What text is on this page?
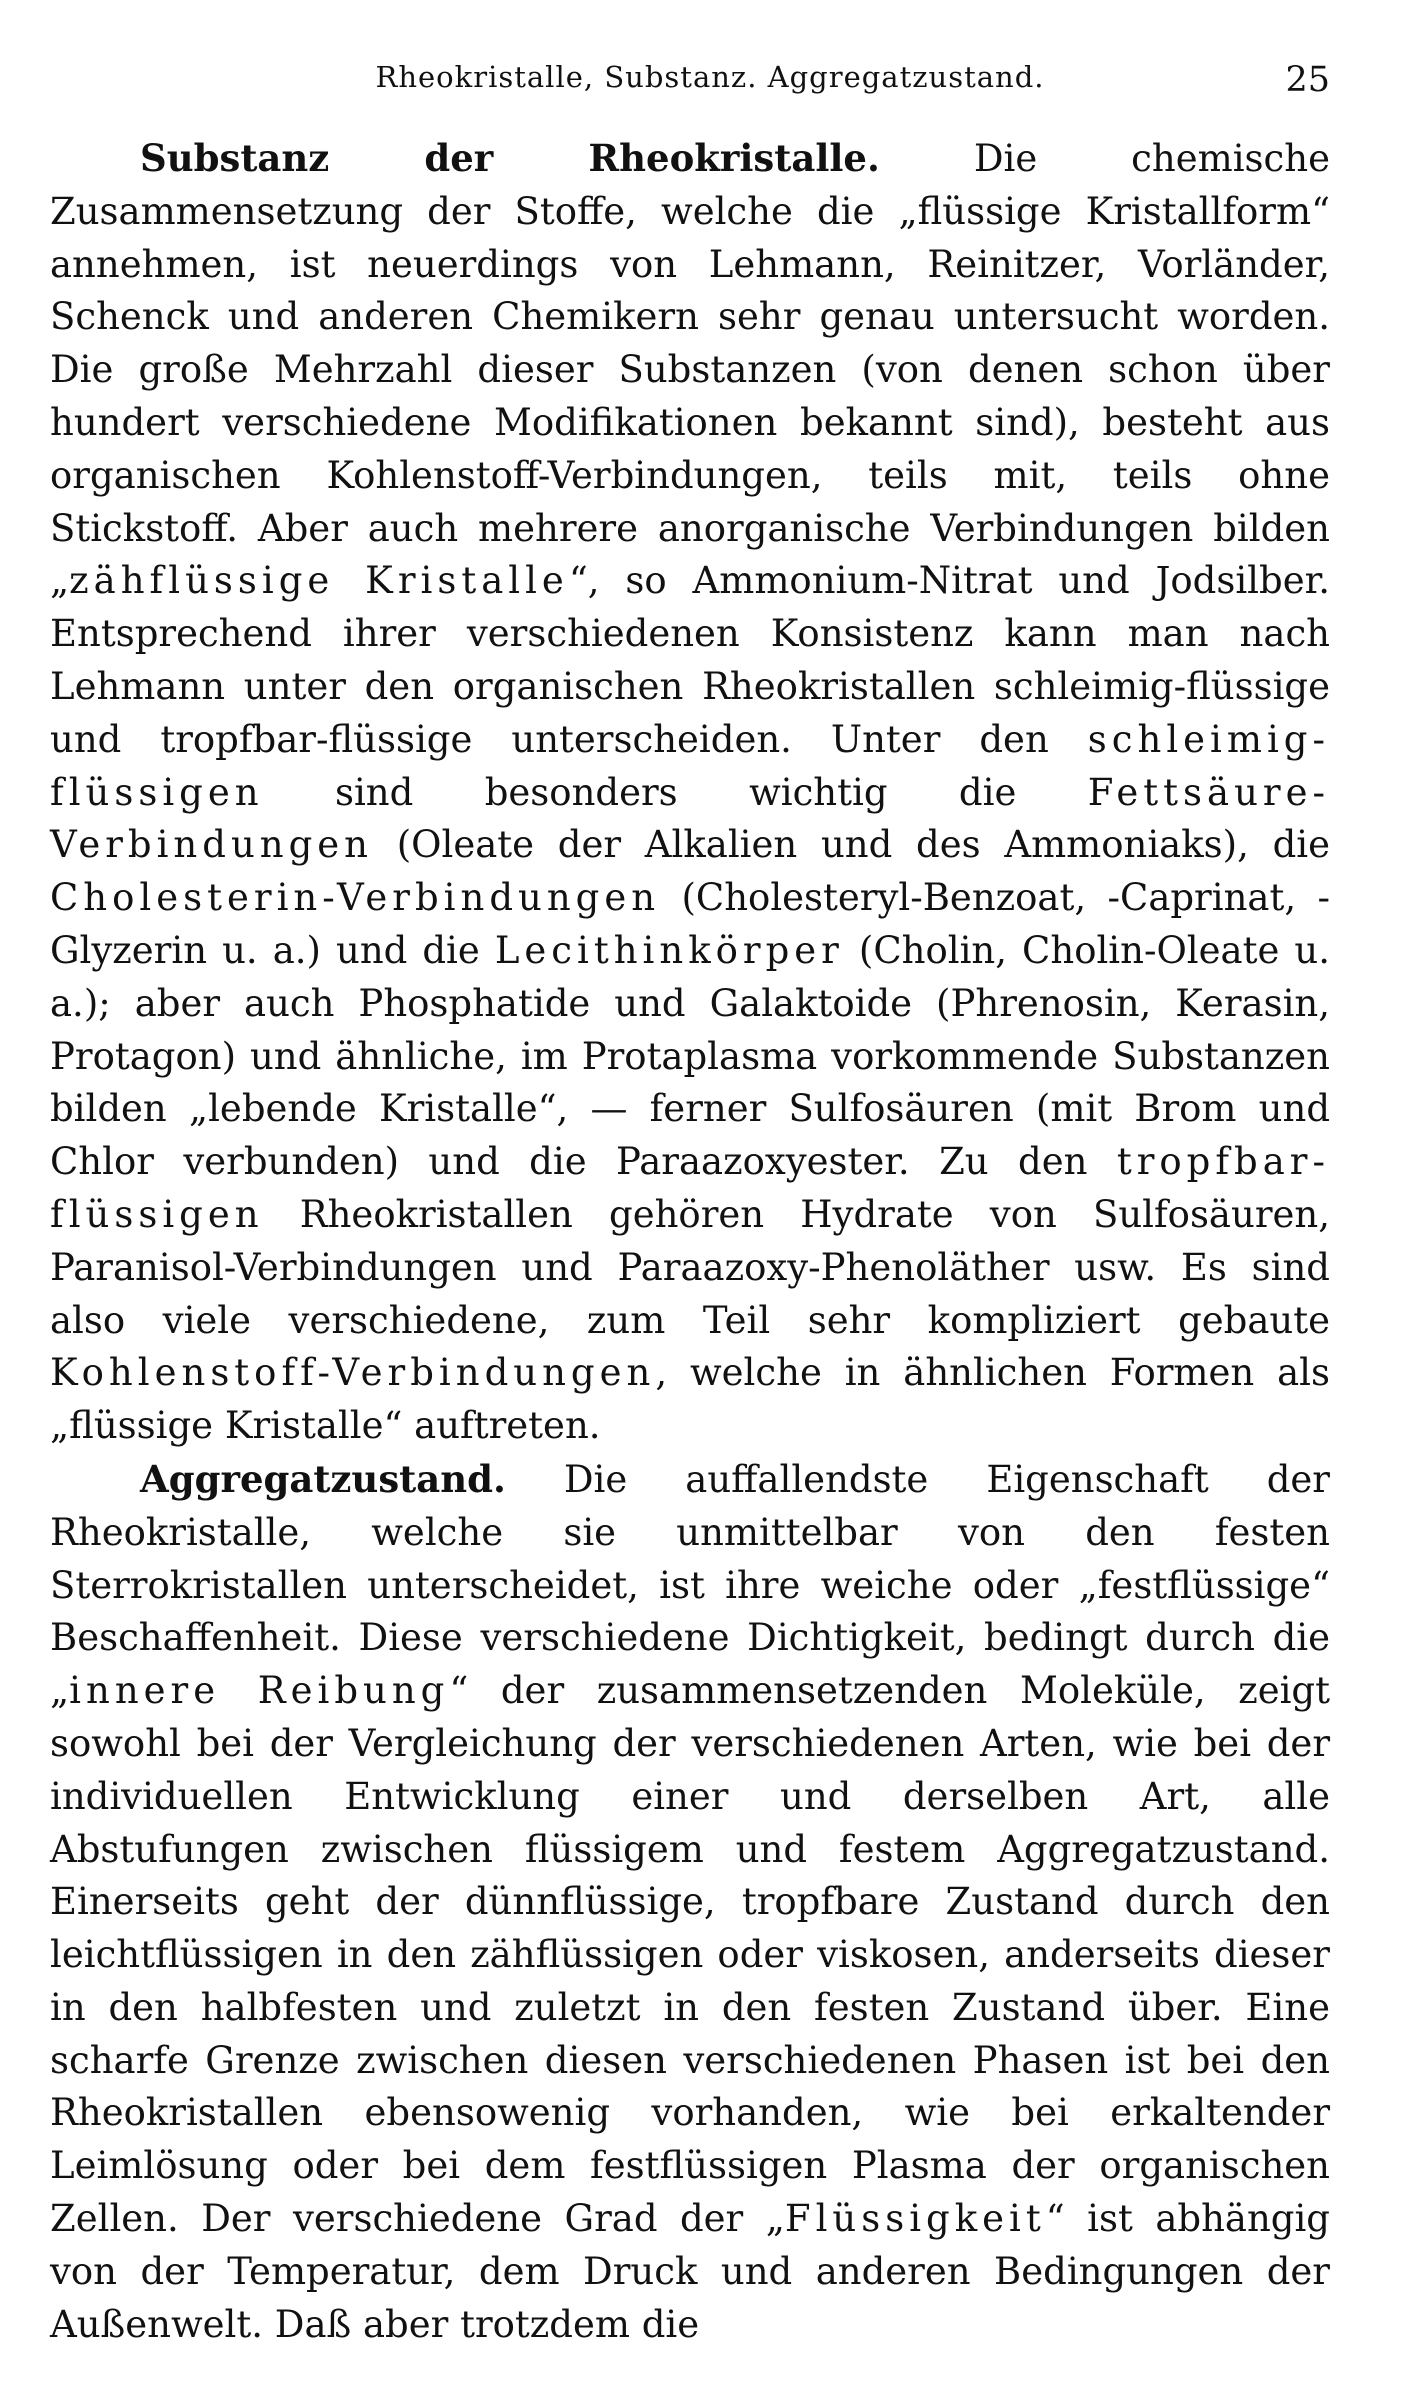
Rheokristalle, Substanz. Aggregatzustand.	25

Substanz der Rheokristalle. Die chemische Zusammensetzung der Stoffe, welche die „flüssige Kristallform“ annehmen, ist neuerdings von Lehmann, Reinitzer, Vorländer, Schenck und anderen Chemikern sehr genau untersucht worden. Die große Mehrzahl dieser Substanzen (von denen schon über hundert verschiedene Modifikationen bekannt sind), besteht aus organischen Kohlenstoff-Verbindungen, teils mit, teils ohne Stickstoff. Aber auch mehrere anorganische Verbindungen bilden „zähflüssige Kristalle“, so Ammonium-Nitrat und Jodsilber. Entsprechend ihrer verschiedenen Konsistenz kann man nach Lehmann unter den organischen Rheokristallen schleimig-flüssige und tropfbar-flüssige unterscheiden. Unter den schleimig-flüssigen sind besonders wichtig die Fettsäure-Verbindungen (Oleate der Alkalien und des Ammoniaks), die Cholesterin-Verbindungen (Cholesteryl-Benzoat, -Caprinat, -Glyzerin u. a.) und die Lecithinkörper (Cholin, Cholin-Oleate u. a.); aber auch Phosphatide und Galaktoide (Phrenosin, Kerasin, Protagon) und ähnliche, im Protaplasma vorkommende Substanzen bilden „lebende Kristalle“, — ferner Sulfosäuren (mit Brom und Chlor verbunden) und die Paraazoxyester. Zu den tropfbar-flüssigen Rheokristallen gehören Hydrate von Sulfosäuren, Paranisol-Verbindungen und Paraazoxy-Phenoläther usw. Es sind also viele verschiedene, zum Teil sehr kompliziert gebaute Kohlenstoff-Verbindungen, welche in ähnlichen Formen als „flüssige Kristalle“ auftreten.

Aggregatzustand. Die auffallendste Eigenschaft der Rheokristalle, welche sie unmittelbar von den festen Sterrokristallen unterscheidet, ist ihre weiche oder „festflüssige“ Beschaffenheit. Diese verschiedene Dichtigkeit, bedingt durch die „innere Reibung“ der zusammensetzenden Moleküle, zeigt sowohl bei der Vergleichung der verschiedenen Arten, wie bei der individuellen Entwicklung einer und derselben Art, alle Abstufungen zwischen flüssigem und festem Aggregatzustand. Einerseits geht der dünnflüssige, tropfbare Zustand durch den leichtflüssigen in den zähflüssigen oder viskosen, anderseits dieser in den halbfesten und zuletzt in den festen Zustand über. Eine scharfe Grenze zwischen diesen verschiedenen Phasen ist bei den Rheokristallen ebensowenig vorhanden, wie bei erkaltender Leimlösung oder bei dem festflüssigen Plasma der organischen Zellen. Der verschiedene Grad der „Flüssigkeit“ ist abhängig von der Temperatur, dem Druck und anderen Bedingungen der Außenwelt. Daß aber trotzdem die
